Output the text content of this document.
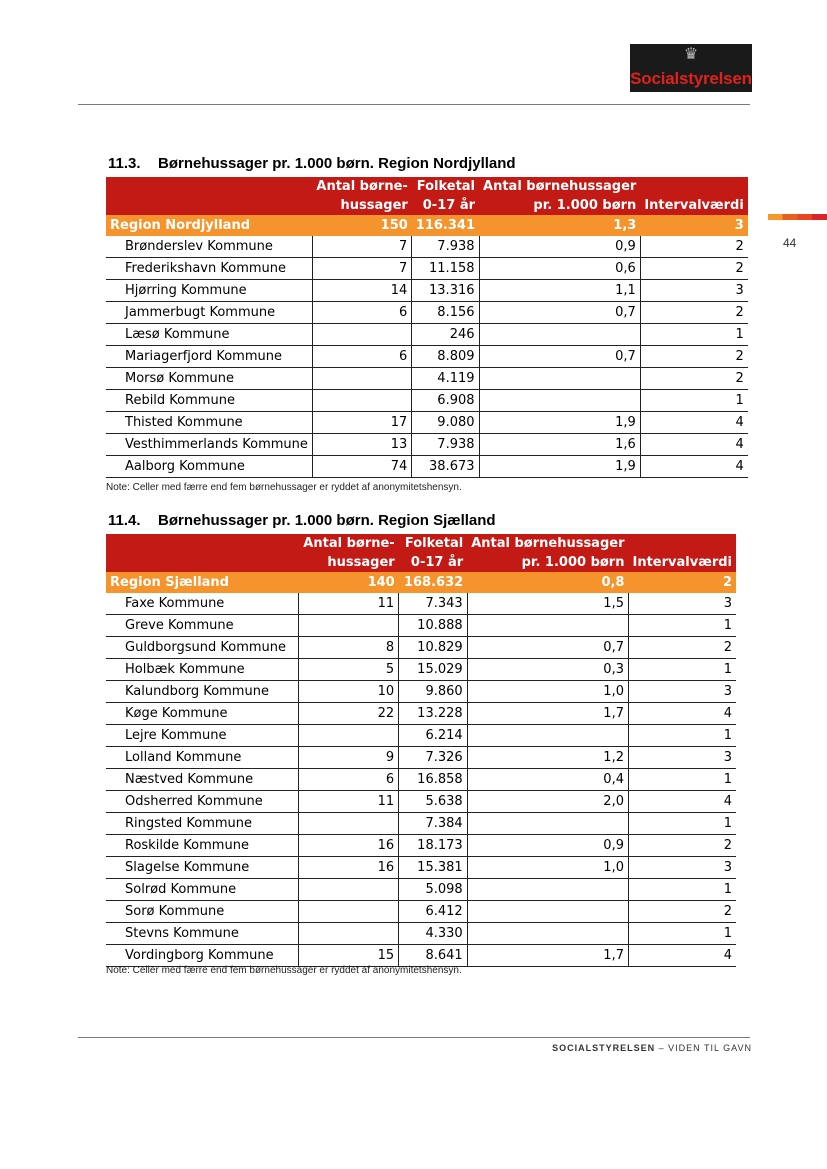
♛
Socialstyrelsen
44
11.3. Børnehussager pr. 1.000 børn. Region Nordjylland
	Antal børne-	Folketal	Antal børnehussager	
	hussager	0-17 år	pr. 1.000 børn	Intervalværdi
Region Nordjylland	150	116.341	1,3	3
Brønderslev Kommune	7	7.938	0,9	2
Frederikshavn Kommune	7	11.158	0,6	2
Hjørring Kommune	14	13.316	1,1	3
Jammerbugt Kommune	6	8.156	0,7	2
Læsø Kommune		246		1
Mariagerfjord Kommune	6	8.809	0,7	2
Morsø Kommune		4.119		2
Rebild Kommune		6.908		1
Thisted Kommune	17	9.080	1,9	4
Vesthimmerlands Kommune	13	7.938	1,6	4
Aalborg Kommune	74	38.673	1,9	4
Note: Celler med færre end fem børnehussager er ryddet af anonymitetshensyn.
11.4. Børnehussager pr. 1.000 børn. Region Sjælland
	Antal børne-	Folketal	Antal børnehussager	
	hussager	0-17 år	pr. 1.000 børn	Intervalværdi
Region Sjælland	140	168.632	0,8	2
Faxe Kommune	11	7.343	1,5	3
Greve Kommune		10.888		1
Guldborgsund Kommune	8	10.829	0,7	2
Holbæk Kommune	5	15.029	0,3	1
Kalundborg Kommune	10	9.860	1,0	3
Køge Kommune	22	13.228	1,7	4
Lejre Kommune		6.214		1
Lolland Kommune	9	7.326	1,2	3
Næstved Kommune	6	16.858	0,4	1
Odsherred Kommune	11	5.638	2,0	4
Ringsted Kommune		7.384		1
Roskilde Kommune	16	18.173	0,9	2
Slagelse Kommune	16	15.381	1,0	3
Solrød Kommune		5.098		1
Sorø Kommune		6.412		2
Stevns Kommune		4.330		1
Vordingborg Kommune	15	8.641	1,7	4
Note: Celler med færre end fem børnehussager er ryddet af anonymitetshensyn.
SOCIALSTYRELSEN – VIDEN TIL GAVN
